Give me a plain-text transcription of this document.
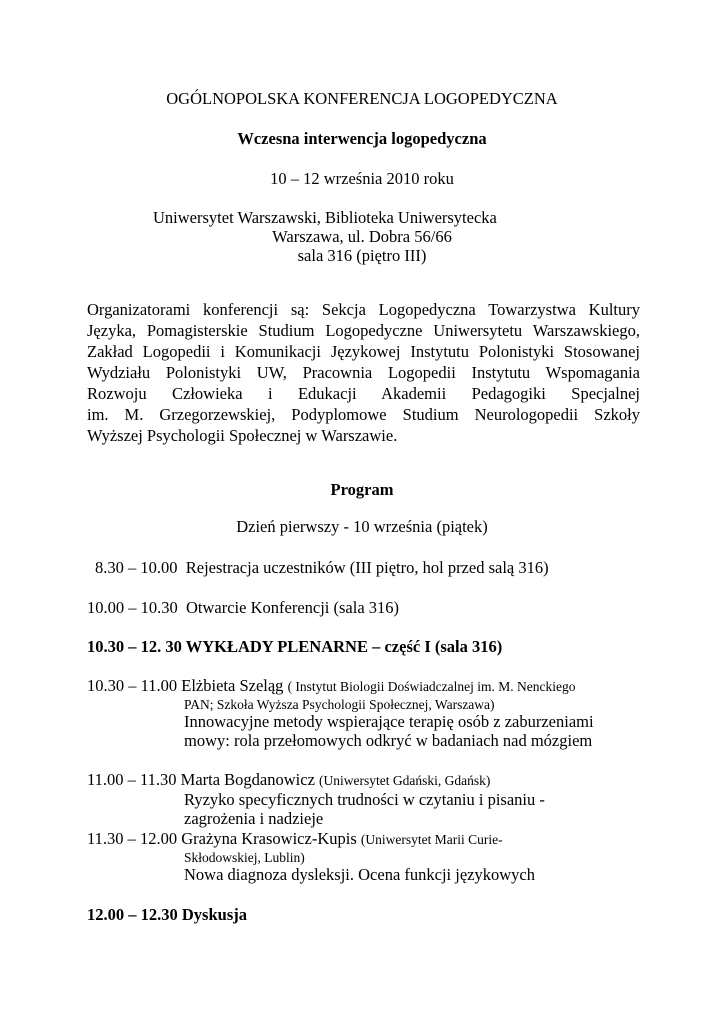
OGÓLNOPOLSKA KONFERENCJA LOGOPEDYCZNA
Wczesna interwencja logopedyczna
10 – 12 września 2010 roku
Uniwersytet Warszawski, Biblioteka Uniwersytecka
Warszawa, ul. Dobra 56/66
sala 316 (piętro III)
Organizatorami konferencji są: Sekcja Logopedyczna Towarzystwa Kultury
Języka, Pomagisterskie Studium Logopedyczne Uniwersytetu Warszawskiego,
Zakład Logopedii i Komunikacji Językowej Instytutu Polonistyki Stosowanej
Wydziału Polonistyki UW, Pracownia Logopedii Instytutu Wspomagania
Rozwoju Człowieka i Edukacji Akademii Pedagogiki Specjalnej
im. M. Grzegorzewskiej, Podyplomowe Studium Neurologopedii Szkoły
Wyższej Psychologii Społecznej w Warszawie.
Program
Dzień pierwszy - 10 września (piątek)
8.30 – 10.00 Rejestracja uczestników (III piętro, hol przed salą 316)
10.00 – 10.30 Otwarcie Konferencji (sala 316)
10.30 – 12. 30 WYKŁADY PLENARNE – część I (sala 316)
10.30 – 11.00 Elżbieta Szeląg ( Instytut Biologii Doświadczalnej im. M. Nenckiego
PAN; Szkoła Wyższa Psychologii Społecznej, Warszawa)
Innowacyjne metody wspierające terapię osób z zaburzeniami
mowy: rola przełomowych odkryć w badaniach nad mózgiem
11.00 – 11.30 Marta Bogdanowicz (Uniwersytet Gdański, Gdańsk)
Ryzyko specyficznych trudności w czytaniu i pisaniu -
zagrożenia i nadzieje
11.30 – 12.00 Grażyna Krasowicz-Kupis (Uniwersytet Marii Curie-
Skłodowskiej, Lublin)
Nowa diagnoza dysleksji. Ocena funkcji językowych
12.00 – 12.30 Dyskusja
